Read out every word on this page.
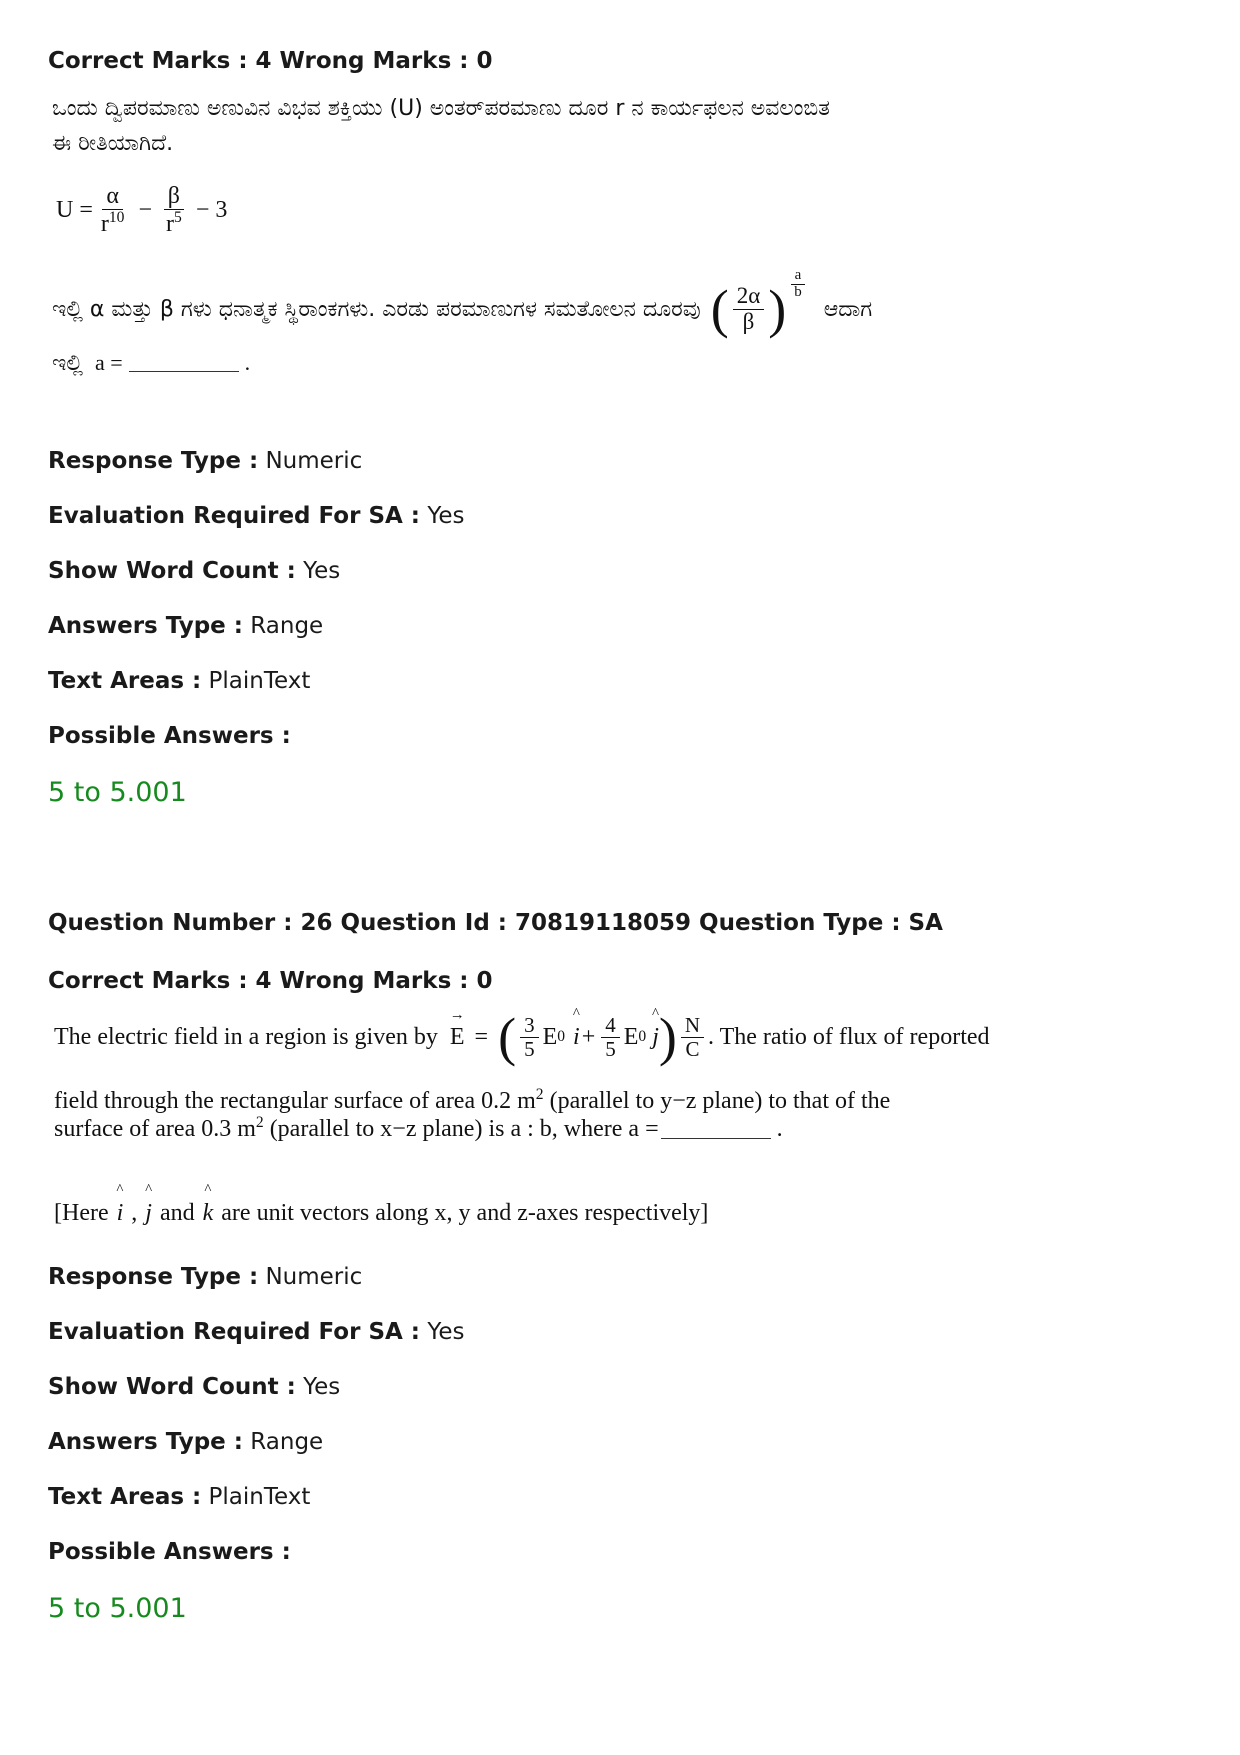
Correct Marks : 4 Wrong Marks : 0
ಒಂದು ದ್ವಿಪರಮಾಣು ಅಣುವಿನ ವಿಭವ ಶಕ್ತಿಯು (U) ಅಂತರ್‌ಪರಮಾಣು ದೂರ r ನ ಕಾರ್ಯಫಲನ ಅವಲಂಬಿತ
ಈ ರೀತಿಯಾಗಿದೆ.
$U = \frac{\alpha}{r^{10}} - \frac{\beta}{r^5} - 3$
ಇಲ್ಲಿ α ಮತ್ತು β ಗಳು ಧನಾತ್ಮಕ ಸ್ಥಿರಾಂಕಗಳು. ಎರಡು ಪರಮಾಣುಗಳ ಸಮತೋಲನ ದೂರವು ( $\frac{2\alpha}{\beta}$ ) $\frac{a}{b}$
ಆದಾಗ
ಇಲ್ಲಿ a =	.
Response Type : Numeric
Evaluation Required For SA : Yes
Show Word Count : Yes
Answers Type : Range
Text Areas : PlainText
Possible Answers :
5 to 5.001
Question Number : 26 Question Id : 70819118059 Question Type : SA
Correct Marks : 4 Wrong Marks : 0
The electric field in a region is given by → E = ( $\frac{3}{5}$ E 0 ^ $i + \frac{4}{5}$ E 0 ^ j ) $\frac{N}{C}$ . The ratio of flux of reported
field through the rectangular surface of area 0.2 $m^2$ (parallel to y−z plane) to that of the
surface of area 0.3 $m^2$ (parallel to x−z plane) is a : b, where a =	.
[Here ^ i , ^ j and ^ k are unit vectors along x, y and z-axes respectively]
Response Type : Numeric
Evaluation Required For SA : Yes
Show Word Count : Yes
Answers Type : Range
Text Areas : PlainText
Possible Answers :
5 to 5.001
